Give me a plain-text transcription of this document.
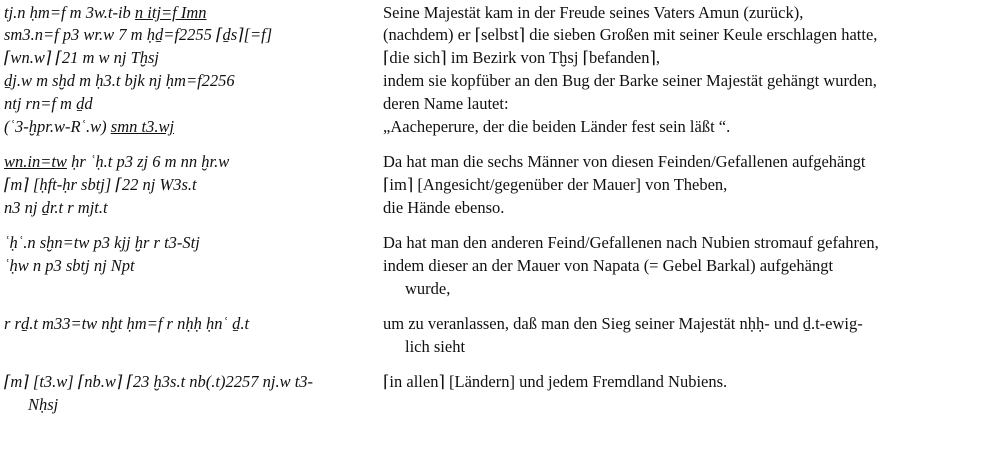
tj.n ḥm=f m 3w.t-ib n itj=f Imn	Seine Majestät kam in der Freude seines Vaters Amun (zurück),
sm3.n=f p3 wr.w 7 m ḥḏ=f2255 ⌈ḏs⌉[=f]	(nachdem) er ⌈selbst⌉ die sieben Großen mit seiner Keule erschlagen hatte,
⌈wn.w⌉ ⌈21 m w nj Tḫsj	⌈die sich⌉ im Bezirk von Tḫsj ⌈befanden⌉,
ḏj.w m sḫd m ḥ3.t bjk nj ḥm=f2256	indem sie kopfüber an den Bug der Barke seiner Majestät gehängt wurden,
ntj rn=f m ḏd	deren Name lautet:
(ʿ3-ḫpr.w-Rʿ.w) smn t3.wj	„Aacheperure, der die beiden Länder fest sein läßt “.
wn.in=tw ḥr ʿḥ.t p3 zj 6 m nn ḫr.w	Da hat man die sechs Männer von diesen Feinden/Gefallenen aufgehängt
⌈m⌉ [ḥft-ḥr sbtj] ⌈22 nj W3s.t	⌈im⌉ [Angesicht/gegenüber der Mauer] von Theben,
n3 nj ḏr.t r mjt.t	die Hände ebenso.
ʿḥʿ.n sḫn=tw p3 kjj ḫr r t3-Stj	Da hat man den anderen Feind/Gefallenen nach Nubien stromauf gefahren,
ʿḥw n p3 sbtj nj Npt	indem dieser an der Mauer von Napata (= Gebel Barkal) aufgehängt
wurde,
r rḏ.t m33=tw nḫt ḥm=f r nḥḥ ḥnʿ ḏ.t	um zu veranlassen, daß man den Sieg seiner Majestät nḥḥ- und ḏ.t-ewig-
lich sieht
⌈m⌉ [t3.w] ⌈nb.w⌉ ⌈23 ḫ3s.t nb(.t)2257 nj.w t3-	⌈in allen⌉ [Ländern] und jedem Fremdland Nubiens.
Nḥsj
